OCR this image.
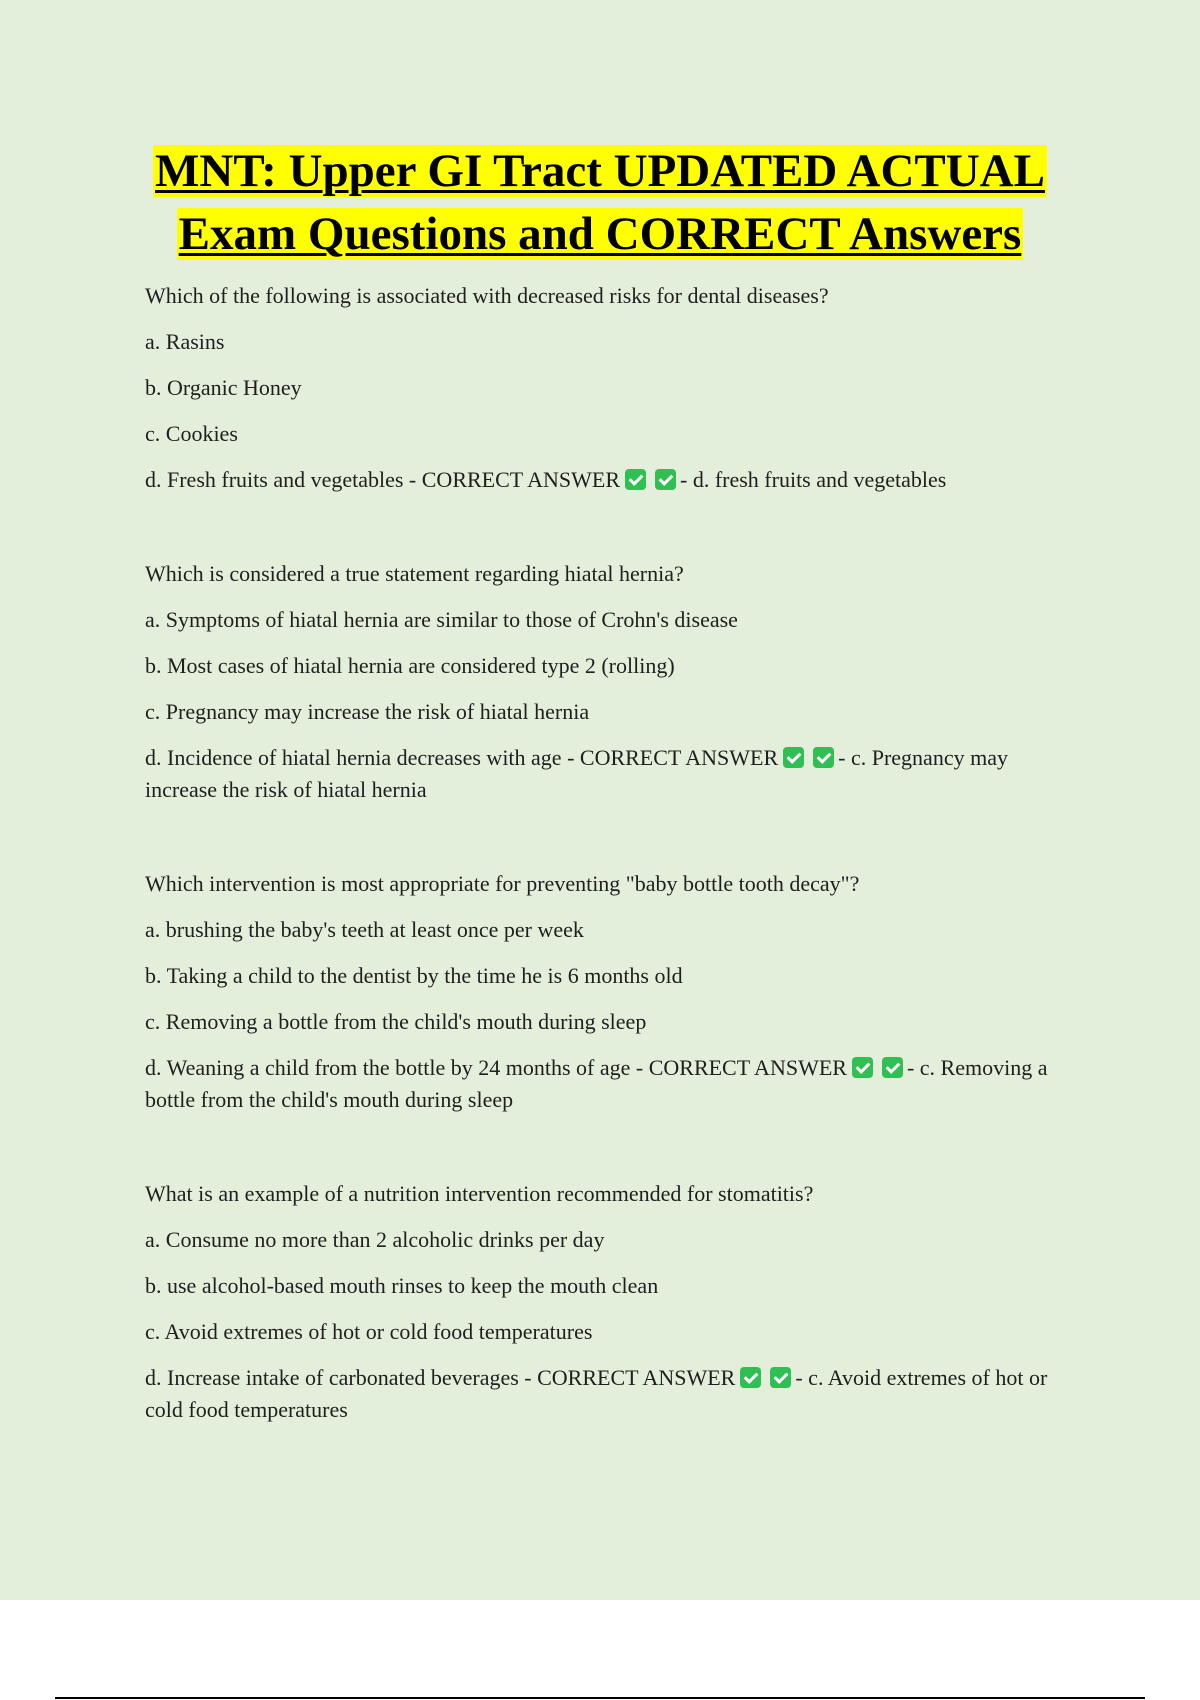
MNT: Upper GI Tract UPDATED ACTUAL
Exam Questions and CORRECT Answers

Which of the following is associated with decreased risks for dental diseases?

a. Rasins

b. Organic Honey

c. Cookies

d. Fresh fruits and vegetables - CORRECT ANSWER	- d. fresh fruits and vegetables

Which is considered a true statement regarding hiatal hernia?

a. Symptoms of hiatal hernia are similar to those of Crohn's disease

b. Most cases of hiatal hernia are considered type 2 (rolling)

c. Pregnancy may increase the risk of hiatal hernia

d. Incidence of hiatal hernia decreases with age - CORRECT ANSWER	- c. Pregnancy may increase the risk of hiatal hernia

Which intervention is most appropriate for preventing "baby bottle tooth decay"?

a. brushing the baby's teeth at least once per week

b. Taking a child to the dentist by the time he is 6 months old

c. Removing a bottle from the child's mouth during sleep

d. Weaning a child from the bottle by 24 months of age - CORRECT ANSWER	- c. Removing a bottle from the child's mouth during sleep

What is an example of a nutrition intervention recommended for stomatitis?

a. Consume no more than 2 alcoholic drinks per day

b. use alcohol-based mouth rinses to keep the mouth clean

c. Avoid extremes of hot or cold food temperatures

d. Increase intake of carbonated beverages - CORRECT ANSWER	- c. Avoid extremes of hot or cold food temperatures
